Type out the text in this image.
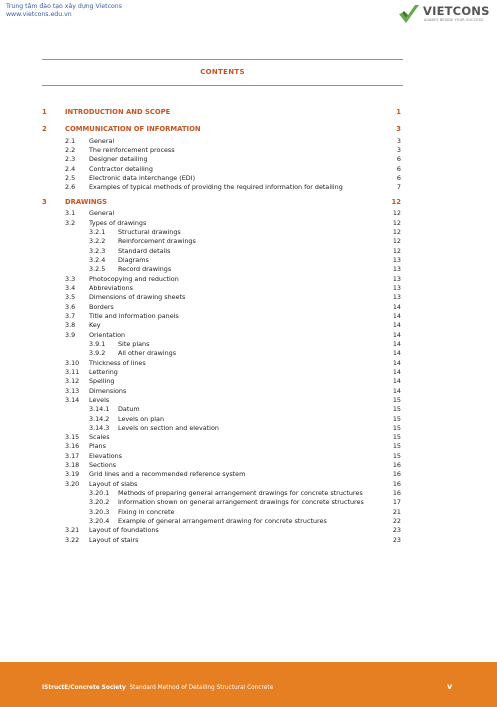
Trung tâm đào tạo xây dựng Vietcons
www.vietcons.edu.vn	VIETCONS
ALWAYS BESIDE YOUR SUCCESS
CONTENTS
1	INTRODUCTION AND SCOPE	1
2	COMMUNICATION OF INFORMATION	3
2.1 General	3
2.2 The reinforcement process	3
2.3 Designer detailing	6
2.4 Contractor detailing	6
2.5 Electronic data interchange (EDI)	6
2.6 Examples of typical methods of providing the required information for detailing	7
3	DRAWINGS	12
3.1 General	12
3.2 Types of drawings	12
3.2.1 Structural drawings	12
3.2.2 Reinforcement drawings	12
3.2.3 Standard details	12
3.2.4 Diagrams	13
3.2.5 Record drawings	13
3.3 Photocopying and reduction	13
3.4 Abbreviations	13
3.5 Dimensions of drawing sheets	13
3.6 Borders	14
3.7 Title and information panels	14
3.8 Key	14
3.9 Orientation	14
3.9.1 Site plans	14
3.9.2 All other drawings	14
3.10 Thickness of lines	14
3.11 Lettering	14
3.12 Spelling	14
3.13 Dimensions	14
3.14 Levels	15
3.14.1 Datum	15
3.14.2 Levels on plan	15
3.14.3 Levels on section and elevation	15
3.15 Scales	15
3.16 Plans	15
3.17 Elevations	15
3.18 Sections	16
3.19 Grid lines and a recommended reference system	16
3.20 Layout of slabs	16
3.20.1 Methods of preparing general arrangement drawings for concrete structures	16
3.20.2 Information shown on general arrangement drawings for concrete structures	17
3.20.3 Fixing in concrete	21
3.20.4 Example of general arrangement drawing for concrete structures	22
3.21 Layout of foundations	23
3.22 Layout of stairs	23
IStructE/Concrete Society Standard Method of Detailing Structural Concrete	v
